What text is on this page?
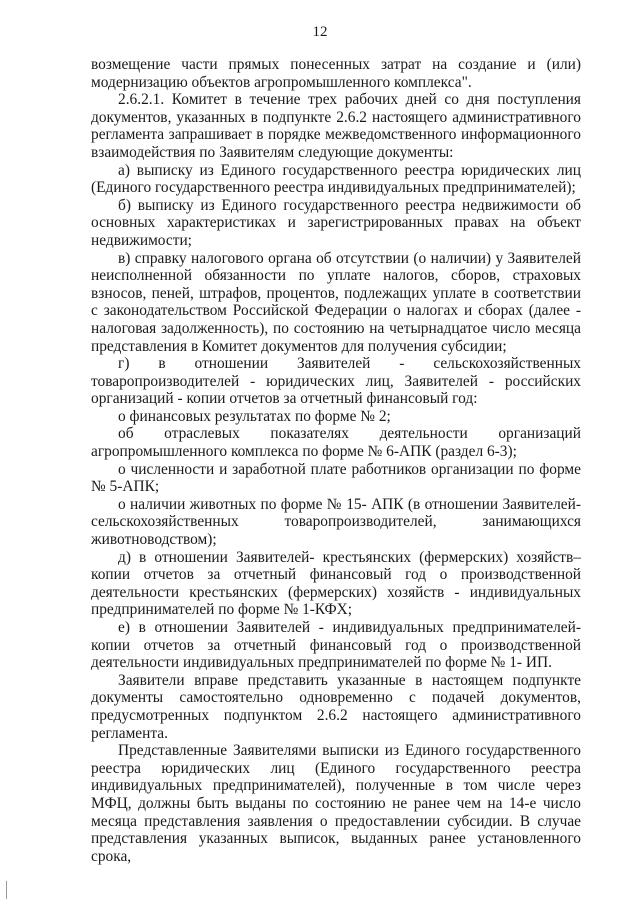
12

возмещение части прямых понесенных затрат на создание и (или) модернизацию объектов агропромышленного комплекса".

2.6.2.1. Комитет в течение трех рабочих дней со дня поступления документов, указанных в подпункте 2.6.2 настоящего административного регламента запрашивает в порядке межведомственного информационного взаимодействия по Заявителям следующие документы:

а) выписку из Единого государственного реестра юридических лиц (Единого государственного реестра индивидуальных предпринимателей);

б) выписку из Единого государственного реестра недвижимости об основных характеристиках и зарегистрированных правах на объект недвижимости;

в) справку налогового органа об отсутствии (о наличии) у Заявителей неисполненной обязанности по уплате налогов, сборов, страховых взносов, пеней, штрафов, процентов, подлежащих уплате в соответствии с законодательством Российской Федерации о налогах и сборах (далее - налоговая задолженность), по состоянию на четырнадцатое число месяца представления в Комитет документов для получения субсидии;

г) в отношении Заявителей - сельскохозяйственных товаропроизводителей - юридических лиц, Заявителей - российских организаций - копии отчетов за отчетный финансовый год:

о финансовых результатах по форме № 2;

об отраслевых показателях деятельности организаций агропромышленного комплекса по форме № 6-АПК (раздел 6-3);

о численности и заработной плате работников организации по форме № 5-АПК;

о наличии животных по форме № 15- АПК (в отношении Заявителей-сельскохозяйственных товаропроизводителей, занимающихся животноводством);

д) в отношении Заявителей- крестьянских (фермерских) хозяйств– копии отчетов за отчетный финансовый год о производственной деятельности крестьянских (фермерских) хозяйств - индивидуальных предпринимателей по форме № 1-КФХ;

е) в отношении Заявителей - индивидуальных предпринимателей-копии отчетов за отчетный финансовый год о производственной деятельности индивидуальных предпринимателей по форме № 1- ИП.

Заявители вправе представить указанные в настоящем подпункте документы самостоятельно одновременно с подачей документов, предусмотренных подпунктом 2.6.2 настоящего административного регламента.

Представленные Заявителями выписки из Единого государственного реестра юридических лиц (Единого государственного реестра индивидуальных предпринимателей), полученные в том числе через МФЦ, должны быть выданы по состоянию не ранее чем на 14-е число месяца представления заявления о предоставлении субсидии. В случае представления указанных выписок, выданных ранее установленного срока,
